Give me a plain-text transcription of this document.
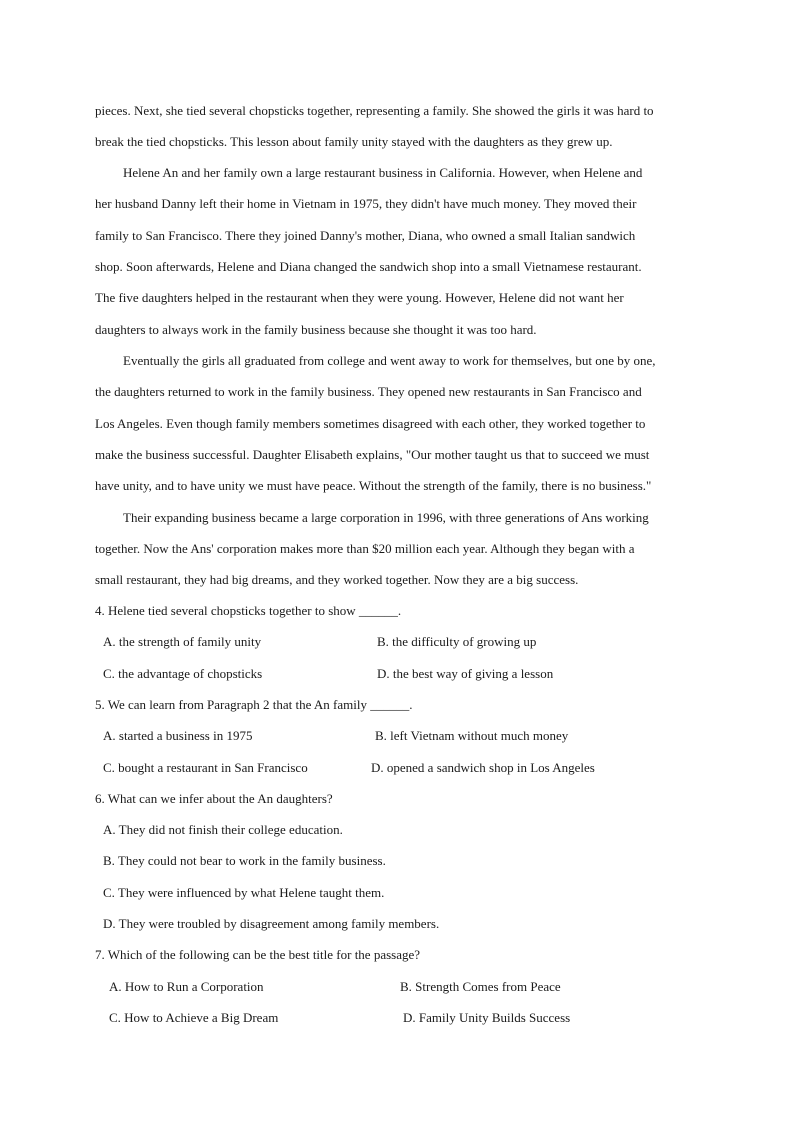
pieces. Next, she tied several chopsticks together, representing a family. She showed the girls it was hard to
break the tied chopsticks. This lesson about family unity stayed with the daughters as they grew up.
Helene An and her family own a large restaurant business in California. However, when Helene and
her husband Danny left their home in Vietnam in 1975, they didn't have much money. They moved their
family to San Francisco. There they joined Danny's mother, Diana, who owned a small Italian sandwich
shop. Soon afterwards, Helene and Diana changed the sandwich shop into a small Vietnamese restaurant.
The five daughters helped in the restaurant when they were young. However, Helene did not want her
daughters to always work in the family business because she thought it was too hard.
Eventually the girls all graduated from college and went away to work for themselves, but one by one,
the daughters returned to work in the family business. They opened new restaurants in San Francisco and
Los Angeles. Even though family members sometimes disagreed with each other, they worked together to
make the business successful. Daughter Elisabeth explains, "Our mother taught us that to succeed we must
have unity, and to have unity we must have peace. Without the strength of the family, there is no business."
Their expanding business became a large corporation in 1996, with three generations of Ans working
together. Now the Ans' corporation makes more than $20 million each year. Although they began with a
small restaurant, they had big dreams, and they worked together. Now they are a big success.
4. Helene tied several chopsticks together to show ______.
A. the strength of family unity	B. the difficulty of growing up
C. the advantage of chopsticks	D. the best way of giving a lesson
5. We can learn from Paragraph 2 that the An family ______.
A. started a business in 1975	B. left Vietnam without much money
C. bought a restaurant in San Francisco	D. opened a sandwich shop in Los Angeles
6. What can we infer about the An daughters?
A. They did not finish their college education.
B. They could not bear to work in the family business.
C. They were influenced by what Helene taught them.
D. They were troubled by disagreement among family members.
7. Which of the following can be the best title for the passage?
A. How to Run a Corporation	B. Strength Comes from Peace
C. How to Achieve a Big Dream	D. Family Unity Builds Success
